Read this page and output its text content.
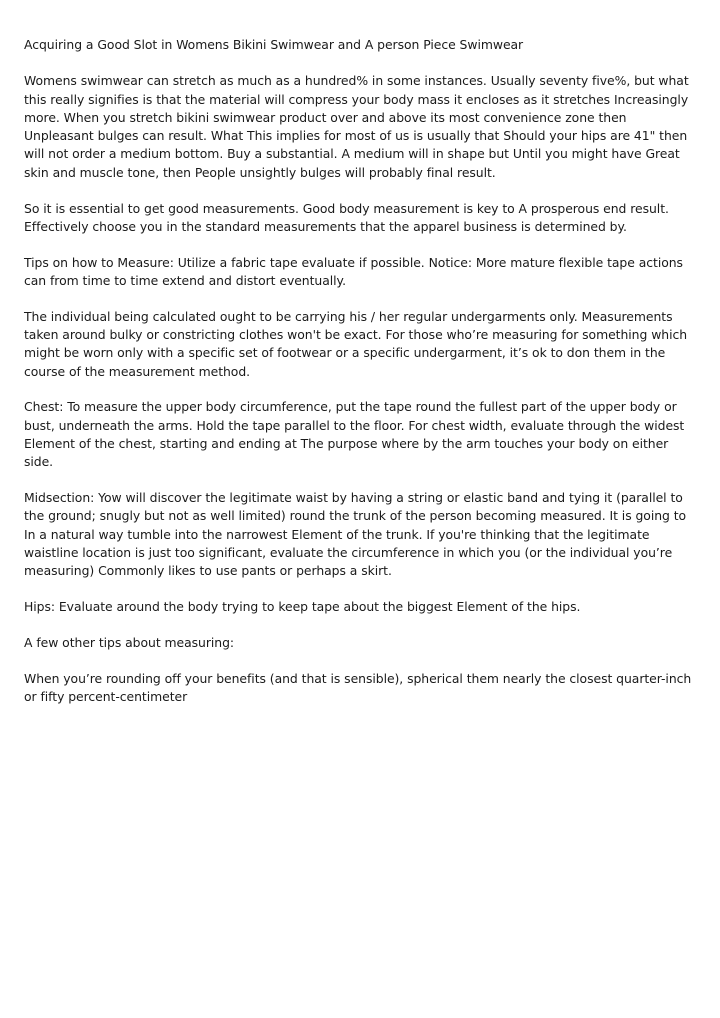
Acquiring a Good Slot in Womens Bikini Swimwear and A person Piece Swimwear

Womens swimwear can stretch as much as a hundred% in some instances. Usually seventy five%, but what this really signifies is that the material will compress your body mass it encloses as it stretches Increasingly more. When you stretch bikini swimwear product over and above its most convenience zone then Unpleasant bulges can result. What This implies for most of us is usually that Should your hips are 41" then will not order a medium bottom. Buy a substantial. A medium will in shape but Until you might have Great skin and muscle tone, then People unsightly bulges will probably final result.

So it is essential to get good measurements. Good body measurement is key to A prosperous end result. Effectively choose you in the standard measurements that the apparel business is determined by.

Tips on how to Measure: Utilize a fabric tape evaluate if possible. Notice: More mature flexible tape actions can from time to time extend and distort eventually.

The individual being calculated ought to be carrying his / her regular undergarments only. Measurements taken around bulky or constricting clothes won't be exact. For those who’re measuring for something which might be worn only with a specific set of footwear or a specific undergarment, it’s ok to don them in the course of the measurement method.

Chest: To measure the upper body circumference, put the tape round the fullest part of the upper body or bust, underneath the arms. Hold the tape parallel to the floor. For chest width, evaluate through the widest Element of the chest, starting and ending at The purpose where by the arm touches your body on either side.

Midsection: Yow will discover the legitimate waist by having a string or elastic band and tying it (parallel to the ground; snugly but not as well limited) round the trunk of the person becoming measured. It is going to In a natural way tumble into the narrowest Element of the trunk. If you're thinking that the legitimate waistline location is just too significant, evaluate the circumference in which you (or the individual you’re measuring) Commonly likes to use pants or perhaps a skirt.

Hips: Evaluate around the body trying to keep tape about the biggest Element of the hips.

A few other tips about measuring:

When you’re rounding off your benefits (and that is sensible), spherical them nearly the closest quarter-inch or fifty percent-centimeter
